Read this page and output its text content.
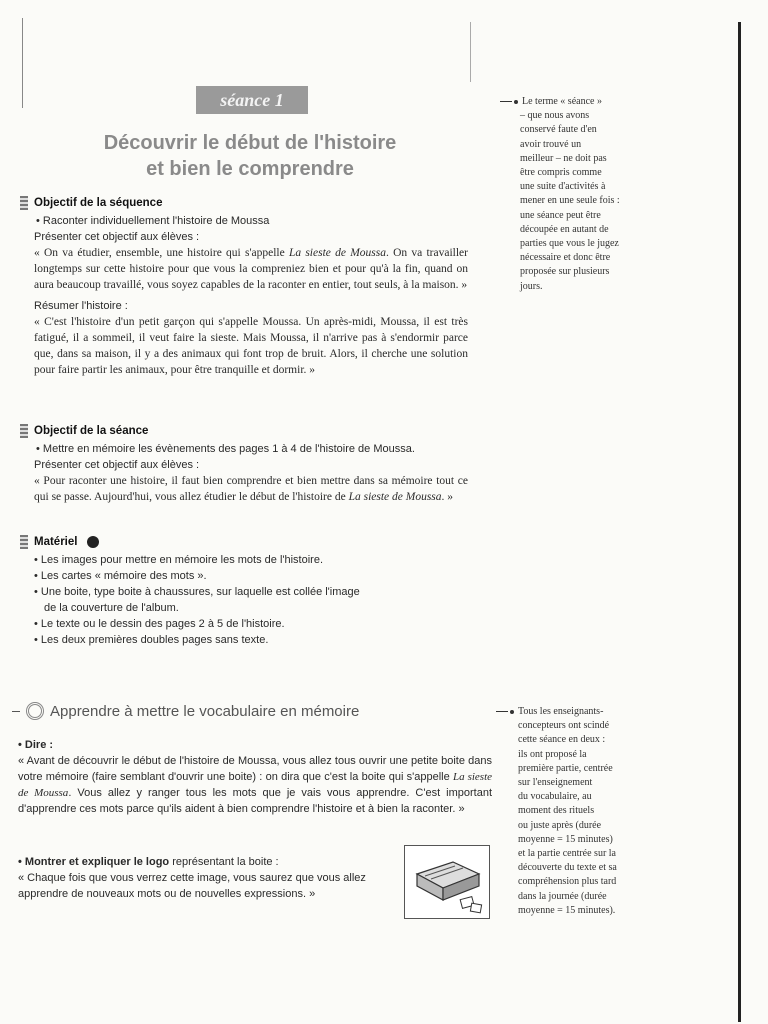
séance 1
Découvrir le début de l'histoire
et bien le comprendre
Objectif de la séquence
• Raconter individuellement l'histoire de Moussa
Présenter cet objectif aux élèves :
« On va étudier, ensemble, une histoire qui s'appelle La sieste de Moussa. On va travailler longtemps sur cette histoire pour que vous la compreniez bien et pour qu'à la fin, quand on aura beaucoup travaillé, vous soyez capables de la raconter en entier, tout seuls, à la maison. »
Résumer l'histoire :
« C'est l'histoire d'un petit garçon qui s'appelle Moussa. Un après-midi, Moussa, il est très fatigué, il a sommeil, il veut faire la sieste. Mais Moussa, il n'arrive pas à s'endormir parce que, dans sa maison, il y a des animaux qui font trop de bruit. Alors, il cherche une solution pour faire partir les animaux, pour être tranquille et dormir. »
Objectif de la séance
• Mettre en mémoire les évènements des pages 1 à 4 de l'histoire de Moussa.
Présenter cet objectif aux élèves :
« Pour raconter une histoire, il faut bien comprendre et bien mettre dans sa mémoire tout ce qui se passe. Aujourd'hui, vous allez étudier le début de l'histoire de La sieste de Moussa. »
Matériel
• Les images pour mettre en mémoire les mots de l'histoire.
• Les cartes « mémoire des mots ».
• Une boite, type boite à chaussures, sur laquelle est collée l'image
de la couverture de l'album.
• Le texte ou le dessin des pages 2 à 5 de l'histoire.
• Les deux premières doubles pages sans texte.
Le terme « séance »
– que nous avons
conservé faute d'en
avoir trouvé un
meilleur – ne doit pas
être compris comme
une suite d'activités à
mener en une seule fois :
une séance peut être
découpée en autant de
parties que vous le jugez
nécessaire et donc être
proposée sur plusieurs
jours.
Apprendre à mettre le vocabulaire en mémoire
• Dire :
« Avant de découvrir le début de l'histoire de Moussa, vous allez tous ouvrir une petite boite dans votre mémoire (faire semblant d'ouvrir une boite) : on dira que c'est la boite qui s'appelle La sieste de Moussa. Vous allez y ranger tous les mots que je vais vous apprendre. C'est important d'apprendre ces mots parce qu'ils aident à bien comprendre l'histoire et à bien la raconter. »
• Montrer et expliquer le logo représentant la boite :
« Chaque fois que vous verrez cette image, vous saurez que vous allez apprendre de nouveaux mots ou de nouvelles expressions. »
Tous les enseignants-
concepteurs ont scindé
cette séance en deux :
ils ont proposé la
première partie, centrée
sur l'enseignement
du vocabulaire, au
moment des rituels
ou juste après (durée
moyenne = 15 minutes)
et la partie centrée sur la
découverte du texte et sa
compréhension plus tard
dans la journée (durée
moyenne = 15 minutes).
